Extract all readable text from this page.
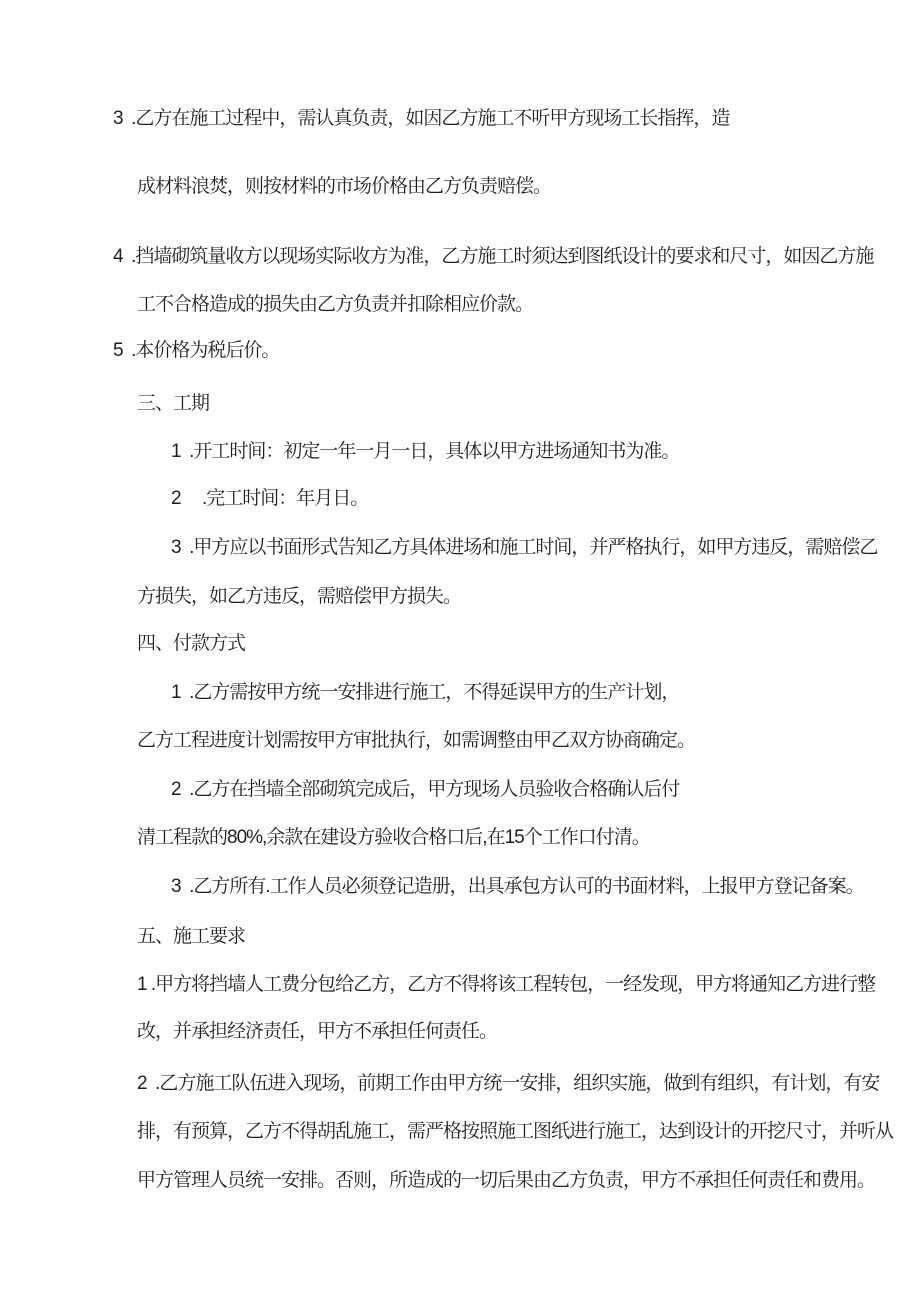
3  .乙方在施工过程中，需认真负责，如因乙方施工不听甲方现场工长指挥，造
成材料浪焚，则按材料的市场价格由乙方负责赔偿。
4  .挡墙砌筑量收方以现场实际收方为准，乙方施工时须达到图纸设计的要求和尺寸，如因乙方施
工不合格造成的损失由乙方负责并扣除相应价款。
5  .本价格为税后价。
三、工期
1  .开工时间：初定一年一月一日，具体以甲方进场通知书为准。
2     .完工时间：年月日。
3  .甲方应以书面形式告知乙方具体进场和施工时间，并严格执行，如甲方违反，需赔偿乙
方损失，如乙方违反，需赔偿甲方损失。
四、付款方式
1  .乙方需按甲方统一安排进行施工，不得延误甲方的生产计划，
乙方工程进度计划需按甲方审批执行，如需调整由甲乙双方协商确定。
2  .乙方在挡墙全部砌筑完成后，甲方现场人员验收合格确认后付
清工程款的80%,余款在建设方验收合格口后,在15个工作口付清。
3  .乙方所有.工作人员必须登记造册，出具承包方认可的书面材料，上报甲方登记备案。
五、施工要求
1 .甲方将挡墙人工费分包给乙方，乙方不得将该工程转包，一经发现，甲方将通知乙方进行整
改，并承担经济责任，甲方不承担任何责任。
2  .乙方施工队伍进入现场，前期工作由甲方统一安排，组织实施，做到有组织，有计划，有安
排，有预算，乙方不得胡乱施工，需严格按照施工图纸进行施工，达到设计的开挖尺寸，并听从
甲方管理人员统一安排。否则，所造成的一切后果由乙方负责，甲方不承担任何责任和费用。
